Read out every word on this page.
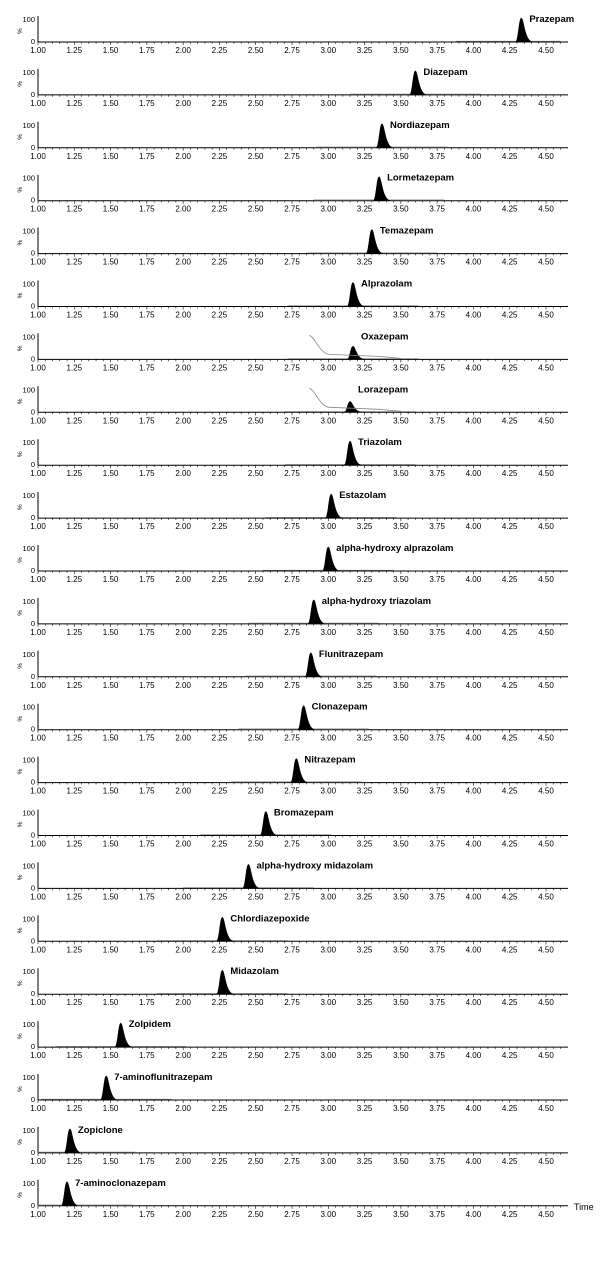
100
0
%
1.00	1.25	1.50	1.75	2.00	2.25	2.50	2.75	3.00	3.25	3.50	3.75	4.00	4.25	4.50
Prazepam
100
0
%
1.00	1.25	1.50	1.75	2.00	2.25	2.50	2.75	3.00	3.25	3.50	3.75	4.00	4.25	4.50
Diazepam
100
0
%
1.00	1.25	1.50	1.75	2.00	2.25	2.50	2.75	3.00	3.25	3.50	3.75	4.00	4.25	4.50
Nordiazepam
100
0
%
1.00	1.25	1.50	1.75	2.00	2.25	2.50	2.75	3.00	3.25	3.50	3.75	4.00	4.25	4.50
Lormetazepam
100
0
%
1.00	1.25	1.50	1.75	2.00	2.25	2.50	2.75	3.00	3.25	3.50	3.75	4.00	4.25	4.50
Temazepam
100
0
%
1.00	1.25	1.50	1.75	2.00	2.25	2.50	2.75	3.00	3.25	3.50	3.75	4.00	4.25	4.50
Alprazolam
100
0
%
1.00	1.25	1.50	1.75	2.00	2.25	2.50	2.75	3.00	3.25	3.50	3.75	4.00	4.25	4.50
Oxazepam
100
0
%
1.00	1.25	1.50	1.75	2.00	2.25	2.50	2.75	3.00	3.25	3.50	3.75	4.00	4.25	4.50
Lorazepam
100
0
%
1.00	1.25	1.50	1.75	2.00	2.25	2.50	2.75	3.00	3.25	3.50	3.75	4.00	4.25	4.50
Triazolam
100
0
%
1.00	1.25	1.50	1.75	2.00	2.25	2.50	2.75	3.00	3.25	3.50	3.75	4.00	4.25	4.50
Estazolam
100
0
%
1.00	1.25	1.50	1.75	2.00	2.25	2.50	2.75	3.00	3.25	3.50	3.75	4.00	4.25	4.50
alpha-hydroxy alprazolam
100
0
%
1.00	1.25	1.50	1.75	2.00	2.25	2.50	2.75	3.00	3.25	3.50	3.75	4.00	4.25	4.50
alpha-hydroxy triazolam
100
0
%
1.00	1.25	1.50	1.75	2.00	2.25	2.50	2.75	3.00	3.25	3.50	3.75	4.00	4.25	4.50
Flunitrazepam
100
0
%
1.00	1.25	1.50	1.75	2.00	2.25	2.50	2.75	3.00	3.25	3.50	3.75	4.00	4.25	4.50
Clonazepam
100
0
%
1.00	1.25	1.50	1.75	2.00	2.25	2.50	2.75	3.00	3.25	3.50	3.75	4.00	4.25	4.50
Nitrazepam
100
0
%
1.00	1.25	1.50	1.75	2.00	2.25	2.50	2.75	3.00	3.25	3.50	3.75	4.00	4.25	4.50
Bromazepam
100
0
%
1.00	1.25	1.50	1.75	2.00	2.25	2.50	2.75	3.00	3.25	3.50	3.75	4.00	4.25	4.50
alpha-hydroxy midazolam
100
0
%
1.00	1.25	1.50	1.75	2.00	2.25	2.50	2.75	3.00	3.25	3.50	3.75	4.00	4.25	4.50
Chlordiazepoxide
100
0
%
1.00	1.25	1.50	1.75	2.00	2.25	2.50	2.75	3.00	3.25	3.50	3.75	4.00	4.25	4.50
Midazolam
100
0
%
1.00	1.25	1.50	1.75	2.00	2.25	2.50	2.75	3.00	3.25	3.50	3.75	4.00	4.25	4.50
Zolpidem
100
0
%
1.00	1.25	1.50	1.75	2.00	2.25	2.50	2.75	3.00	3.25	3.50	3.75	4.00	4.25	4.50
7-aminoflunitrazepam
100
0
%
1.00	1.25	1.50	1.75	2.00	2.25	2.50	2.75	3.00	3.25	3.50	3.75	4.00	4.25	4.50
Zopiclone
100
0
%
1.00	1.25	1.50	1.75	2.00	2.25	2.50	2.75	3.00	3.25	3.50	3.75	4.00	4.25	4.50
7-aminoclonazepam
Time
